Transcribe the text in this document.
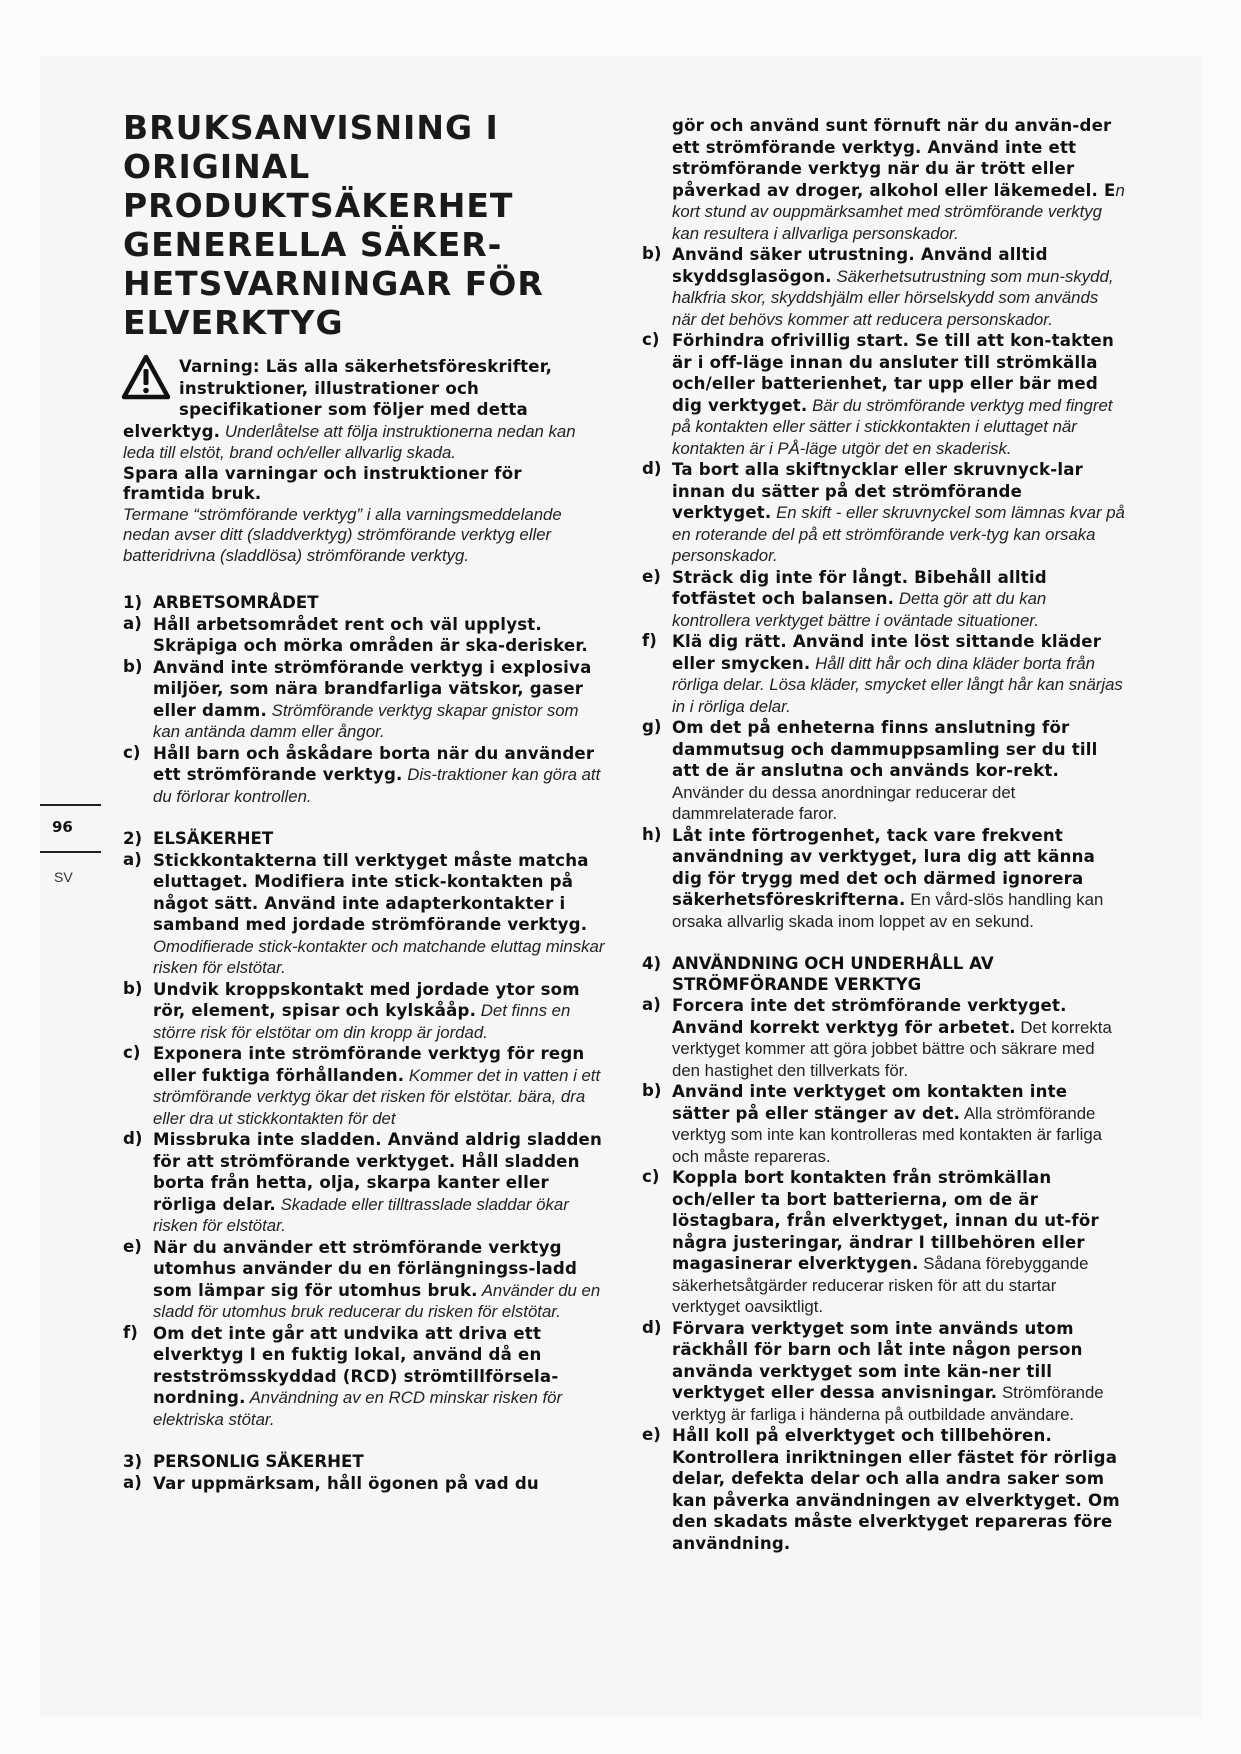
BRUKSANVISNING I
ORIGINAL
PRODUKTSÄKERHET
GENERELLA SÄKER-
HETSVARNINGAR FÖR
ELVERKTYG
96
SV
Varning: Läs alla säkerhetsföreskrifter, instruktioner, illustrationer och specifikationer som följer med detta elverktyg. Underlåtelse att följa instruktionerna nedan kan leda till elstöt, brand och/eller allvarlig skada.

Spara alla varningar och instruktioner för framtida bruk.

Termane “strömförande verktyg” i alla varningsmeddelande nedan avser ditt (sladdverktyg) strömförande verktyg eller batteridrivna (sladdlösa) strömförande verktyg.

1) ARBETSOMRÅDET

a) Håll arbetsområdet rent och väl upplyst. Skräpiga och mörka områden är ska-derisker.
b) Använd inte strömförande verktyg i explosiva miljöer, som nära brandfarliga vätskor, gaser eller damm. Strömförande verktyg skapar gnistor som kan antända damm eller ångor.
c) Håll barn och åskådare borta när du använder ett strömförande verktyg. Dis-traktioner kan göra att du förlorar kontrollen.

2) ELSÄKERHET

a) Stickkontakterna till verktyget måste matcha eluttaget. Modifiera inte stick-kontakten på något sätt. Använd inte adapterkontakter i samband med jordade strömförande verktyg. Omodifierade stick-kontakter och matchande eluttag minskar risken för elstötar.
b) Undvik kroppskontakt med jordade ytor som rör, element, spisar och kylskååp. Det finns en större risk för elstötar om din kropp är jordad.
c) Exponera inte strömförande verktyg för regn eller fuktiga förhållanden. Kommer det in vatten i ett strömförande verktyg ökar det risken för elstötar. bära, dra eller dra ut stickkontakten för det
d) Missbruka inte sladden. Använd aldrig sladden för att strömförande verktyget. Håll sladden borta från hetta, olja, skarpa kanter eller rörliga delar. Skadade eller tilltrasslade sladdar ökar risken för elstötar.
e) När du använder ett strömförande verktyg utomhus använder du en förlängningss-ladd som lämpar sig för utomhus bruk. Använder du en sladd för utomhus bruk reducerar du risken för elstötar.
f) Om det inte går att undvika att driva ett elverktyg I en fuktig lokal, använd då en restströmsskyddad (RCD) strömtillförsela-nordning. Användning av en RCD minskar risken för elektriska stötar.

3) PERSONLIG SÄKERHET

a) Var uppmärksam, håll ögonen på vad du
gör och använd sunt förnuft när du använ-der ett strömförande verktyg. Använd inte ett strömförande verktyg när du är trött eller påverkad av droger, alkohol eller läkemedel. En kort stund av ouppmärksamhet med strömförande verktyg kan resultera i allvarliga personskador.
b) Använd säker utrustning. Använd alltid skyddsglasögon. Säkerhetsutrustning som mun-skydd, halkfria skor, skyddshjälm eller hörselskydd som används när det behövs kommer att reducera personskador.
c) Förhindra ofrivillig start. Se till att kon-takten är i off-läge innan du ansluter till strömkälla och/eller batterienhet, tar upp eller bär med dig verktyget. Bär du strömförande verktyg med fingret på kontakten eller sätter i stickkontakten i eluttaget när kontakten är i PÅ-läge utgör det en skaderisk.
d) Ta bort alla skiftnycklar eller skruvnyck-lar innan du sätter på det strömförande verktyget. En skift - eller skruvnyckel som lämnas kvar på en roterande del på ett strömförande verk-tyg kan orsaka personskador.
e) Sträck dig inte för långt. Bibehåll alltid fotfästet och balansen. Detta gör att du kan kontrollera verktyget bättre i oväntade situationer.
f) Klä dig rätt. Använd inte löst sittande kläder eller smycken. Håll ditt hår och dina kläder borta från rörliga delar. Lösa kläder, smycket eller långt hår kan snärjas in i rörliga delar.
g) Om det på enheterna finns anslutning för dammutsug och dammuppsamling ser du till att de är anslutna och används kor-rekt. Använder du dessa anordningar reducerar det dammrelaterade faror.
h) Låt inte förtrogenhet, tack vare frekvent användning av verktyget, lura dig att känna dig för trygg med det och därmed ignorera säkerhetsföreskrifterna. En vård-slös handling kan orsaka allvarlig skada inom loppet av en sekund.

4) ANVÄNDNING OCH UNDERHÅLL AV STRÖMFÖRANDE VERKTYG

a) Forcera inte det strömförande verktyget. Använd korrekt verktyg för arbetet. Det korrekta verktyget kommer att göra jobbet bättre och säkrare med den hastighet den tillverkats för.
b) Använd inte verktyget om kontakten inte sätter på eller stänger av det. Alla strömförande verktyg som inte kan kontrolleras med kontakten är farliga och måste repareras.
c) Koppla bort kontakten från strömkällan och/eller ta bort batterierna, om de är löstagbara, från elverktyget, innan du ut-för några justeringar, ändrar I tillbehören eller magasinerar elverktygen. Sådana förebyggande säkerhetsåtgärder reducerar risken för att du startar verktyget oavsiktligt.
d) Förvara verktyget som inte används utom räckhåll för barn och låt inte någon person använda verktyget som inte kän-ner till verktyget eller dessa anvisningar. Strömförande verktyg är farliga i händerna på outbildade användare.
e) Håll koll på elverktyget och tillbehören. Kontrollera inriktningen eller fästet för rörliga delar, defekta delar och alla andra saker som kan påverka användningen av elverktyget. Om den skadats måste elverktyget repareras före användning.
